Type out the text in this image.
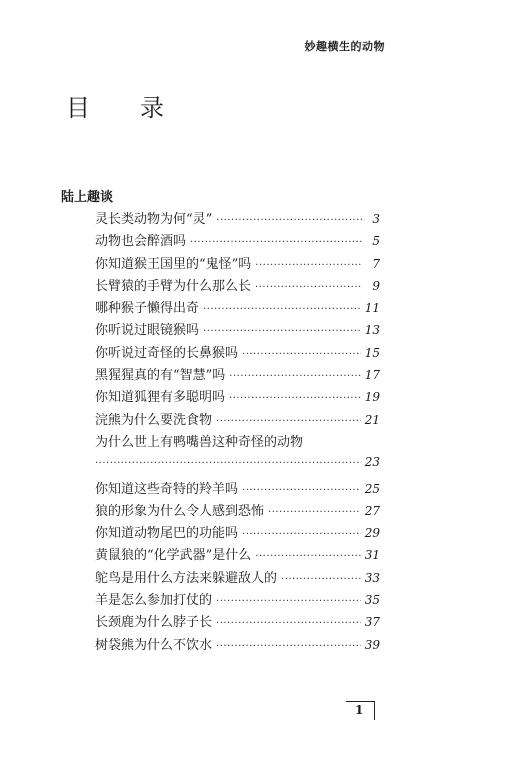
妙趣横生的动物
目 录
陆上趣谈
灵长类动物为何“灵” ·····	3
动物也会醉酒吗 ·····	5
你知道猴王国里的“鬼怪”吗 ·····	7
长臂猿的手臂为什么那么长 ·····	9
哪种猴子懒得出奇 ·····	11
你听说过眼镜猴吗 ·····	13
你听说过奇怪的长鼻猴吗 ·····	15
黑猩猩真的有“智慧”吗 ·····	17
你知道狐狸有多聪明吗 ·····	19
浣熊为什么要洗食物 ·····	21
为什么世上有鸭嘴兽这种奇怪的动物
·····
23
你知道这些奇特的羚羊吗 ·····	25
狼的形象为什么令人感到恐怖 ·····	27
你知道动物尾巴的功能吗 ·····	29
黄鼠狼的“化学武器”是什么 ·····	31
鸵鸟是用什么方法来躲避敌人的 ·····	33
羊是怎么参加打仗的 ·····	35
长颈鹿为什么脖子长 ·····	37
树袋熊为什么不饮水 ·····	39
1
